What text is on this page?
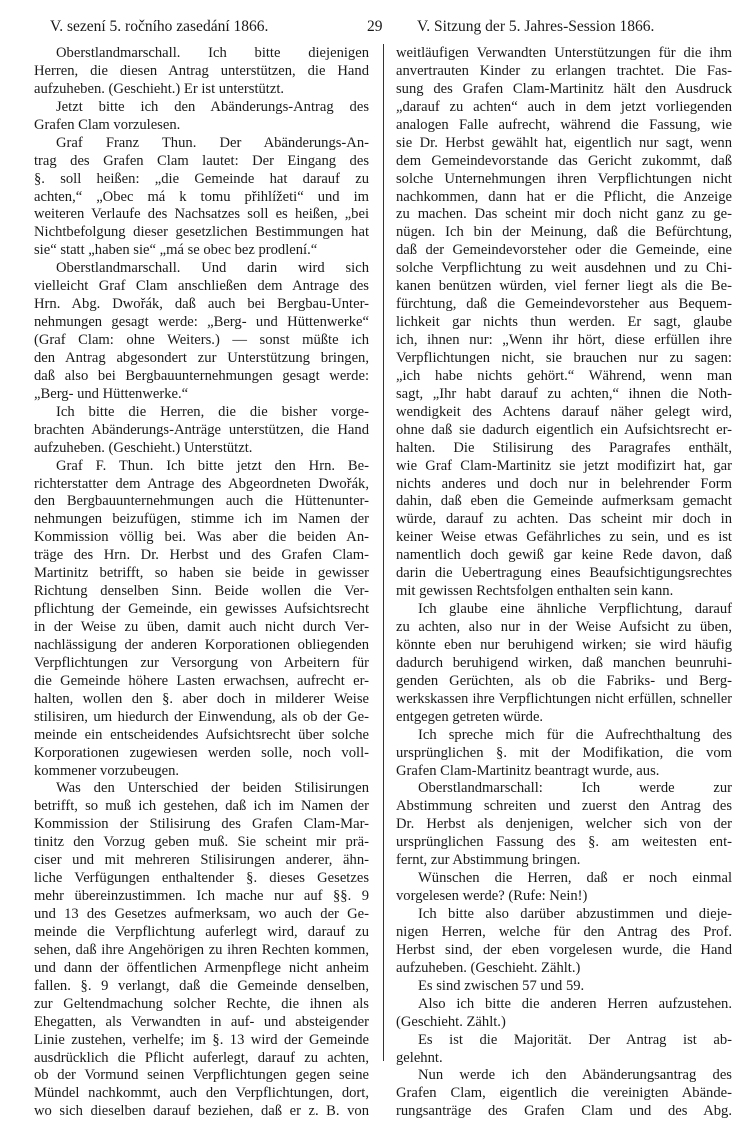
V. sezení 5. ročního zasedání 1866.	29 V. Sitzung der 5. Jahres-Session 1866.
Oberstlandmarschall. Ich bitte diejenigen
Herren, die diesen Antrag unterstützen, die Hand
aufzuheben. (Geschieht.) Er ist unterstützt.
Jetzt bitte ich den Abänderungs-Antrag des
Grafen Clam vorzulesen.
Graf Franz Thun. Der Abänderungs-An-
trag des Grafen Clam lautet: Der Eingang des
§. soll heißen: „die Gemeinde hat darauf zu
achten,“ „Obec má k tomu přihlížeti“ und im
weiteren Verlaufe des Nachsatzes soll es heißen, „bei
Nichtbefolgung dieser gesetzlichen Bestimmungen hat
sie“ statt „haben sie“ „má se obec bez prodlení.“
Oberstlandmarschall. Und darin wird sich
vielleicht Graf Clam anschließen dem Antrage des
Hrn. Abg. Dwořák, daß auch bei Bergbau-Unter-
nehmungen gesagt werde: „Berg- und Hüttenwerke“
(Graf Clam: ohne Weiters.) — sonst müßte ich
den Antrag abgesondert zur Unterstützung bringen,
daß also bei Bergbauunternehmungen gesagt werde:
„Berg- und Hüttenwerke.“
Ich bitte die Herren, die die bisher vorge-
brachten Abänderungs-Anträge unterstützen, die Hand
aufzuheben. (Geschieht.) Unterstützt.
Graf F. Thun. Ich bitte jetzt den Hrn. Be-
richterstatter dem Antrage des Abgeordneten Dwořák,
den Bergbauunternehmungen auch die Hüttenunter-
nehmungen beizufügen, stimme ich im Namen der
Kommission völlig bei. Was aber die beiden An-
träge des Hrn. Dr. Herbst und des Grafen Clam-
Martinitz betrifft, so haben sie beide in gewisser
Richtung denselben Sinn. Beide wollen die Ver-
pflichtung der Gemeinde, ein gewisses Aufsichtsrecht
in der Weise zu üben, damit auch nicht durch Ver-
nachlässigung der anderen Korporationen obliegenden
Verpflichtungen zur Versorgung von Arbeitern für
die Gemeinde höhere Lasten erwachsen, aufrecht er-
halten, wollen den §. aber doch in milderer Weise
stilisiren, um hiedurch der Einwendung, als ob der Ge-
meinde ein entscheidendes Aufsichtsrecht über solche
Korporationen zugewiesen werden solle, noch voll-
kommener vorzubeugen.
Was den Unterschied der beiden Stilisirungen
betrifft, so muß ich gestehen, daß ich im Namen der
Kommission der Stilisirung des Grafen Clam-Mar-
tinitz den Vorzug geben muß. Sie scheint mir prä-
ciser und mit mehreren Stilisirungen anderer, ähn-
liche Verfügungen enthaltender §. dieses Gesetzes
mehr übereinzustimmen. Ich mache nur auf §§. 9
und 13 des Gesetzes aufmerksam, wo auch der Ge-
meinde die Verpflichtung auferlegt wird, darauf zu
sehen, daß ihre Angehörigen zu ihren Rechten kommen,
und dann der öffentlichen Armenpflege nicht anheim
fallen. §. 9 verlangt, daß die Gemeinde denselben,
zur Geltendmachung solcher Rechte, die ihnen als
Ehegatten, als Verwandten in auf- und absteigender
Linie zustehen, verhelfe; im §. 13 wird der Gemeinde
ausdrücklich die Pflicht auferlegt, darauf zu achten,
ob der Vormund seinen Verpflichtungen gegen seine
Mündel nachkommt, auch den Verpflichtungen, dort,
wo sich dieselben darauf beziehen, daß er z. B. von
weitläufigen Verwandten Unterstützungen für die ihm
anvertrauten Kinder zu erlangen trachtet. Die Fas-
sung des Grafen Clam-Martinitz hält den Ausdruck
„darauf zu achten“ auch in dem jetzt vorliegenden
analogen Falle aufrecht, während die Fassung, wie
sie Dr. Herbst gewählt hat, eigentlich nur sagt, wenn
dem Gemeindevorstande das Gericht zukommt, daß
solche Unternehmungen ihren Verpflichtungen nicht
nachkommen, dann hat er die Pflicht, die Anzeige
zu machen. Das scheint mir doch nicht ganz zu ge-
nügen. Ich bin der Meinung, daß die Befürchtung,
daß der Gemeindevorsteher oder die Gemeinde, eine
solche Verpflichtung zu weit ausdehnen und zu Chi-
kanen benützen würden, viel ferner liegt als die Be-
fürchtung, daß die Gemeindevorsteher aus Bequem-
lichkeit gar nichts thun werden. Er sagt, glaube
ich, ihnen nur: „Wenn ihr hört, diese erfüllen ihre
Verpflichtungen nicht, sie brauchen nur zu sagen:
„ich habe nichts gehört.“ Während, wenn man
sagt, „Ihr habt darauf zu achten,“ ihnen die Noth-
wendigkeit des Achtens darauf näher gelegt wird,
ohne daß sie dadurch eigentlich ein Aufsichtsrecht er-
halten. Die Stilisirung des Paragrafes enthält,
wie Graf Clam-Martinitz sie jetzt modifizirt hat, gar
nichts anderes und doch nur in belehrender Form
dahin, daß eben die Gemeinde aufmerksam gemacht
würde, darauf zu achten. Das scheint mir doch in
keiner Weise etwas Gefährliches zu sein, und es ist
namentlich doch gewiß gar keine Rede davon, daß
darin die Uebertragung eines Beaufsichtigungsrechtes
mit gewissen Rechtsfolgen enthalten sein kann.
Ich glaube eine ähnliche Verpflichtung, darauf
zu achten, also nur in der Weise Aufsicht zu üben,
könnte eben nur beruhigend wirken; sie wird häufig
dadurch beruhigend wirken, daß manchen beunruhi-
genden Gerüchten, als ob die Fabriks- und Berg-
werkskassen ihre Verpflichtungen nicht erfüllen, schneller
entgegen getreten würde.
Ich spreche mich für die Aufrechthaltung des
ursprünglichen §. mit der Modifikation, die vom
Grafen Clam-Martinitz beantragt wurde, aus.
Oberstlandmarschall: Ich werde zur
Abstimmung schreiten und zuerst den Antrag des
Dr. Herbst als denjenigen, welcher sich von der
ursprünglichen Fassung des §. am weitesten ent-
fernt, zur Abstimmung bringen.
Wünschen die Herren, daß er noch einmal
vorgelesen werde? (Rufe: Nein!)
Ich bitte also darüber abzustimmen und dieje-
nigen Herren, welche für den Antrag des Prof.
Herbst sind, der eben vorgelesen wurde, die Hand
aufzuheben. (Geschieht. Zählt.)
Es sind zwischen 57 und 59.
Also ich bitte die anderen Herren aufzustehen.
(Geschieht. Zählt.)
Es ist die Majorität. Der Antrag ist ab-
gelehnt.
Nun werde ich den Abänderungsantrag des
Grafen Clam, eigentlich die vereinigten Abände-
rungsanträge des Grafen Clam und des Abg.
